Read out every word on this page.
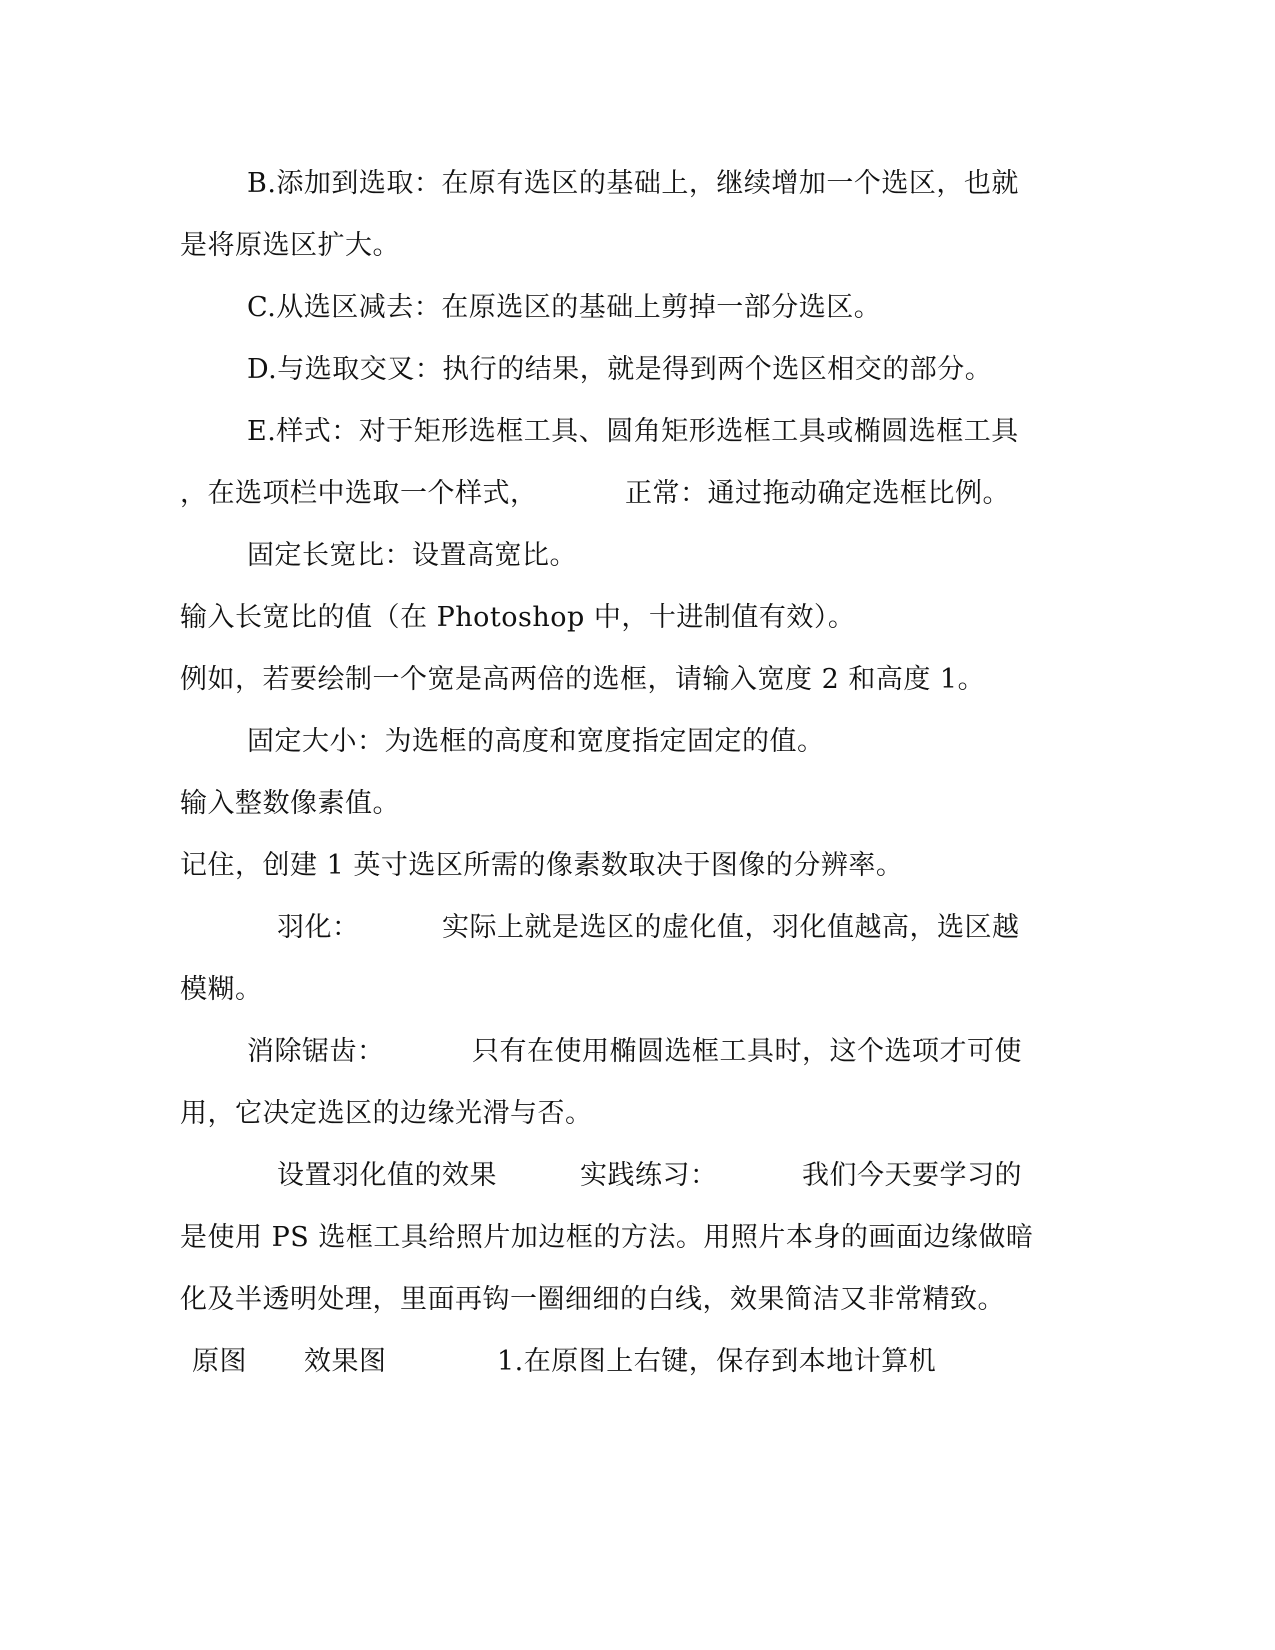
B.添加到选取：在原有选区的基础上，继续增加一个选区，也就
是将原选区扩大。
C.从选区减去：在原选区的基础上剪掉一部分选区。
D.与选取交叉：执行的结果，就是得到两个选区相交的部分。
E.样式：对于矩形选框工具、圆角矩形选框工具或椭圆选框工具
，在选项栏中选取一个样式，	正常：通过拖动确定选框比例。
固定长宽比：设置高宽比。
输入长宽比的值（在 Photoshop 中，十进制值有效）。
例如，若要绘制一个宽是高两倍的选框，请输入宽度 2 和高度 1。
固定大小：为选框的高度和宽度指定固定的值。
输入整数像素值。
记住，创建 1 英寸选区所需的像素数取决于图像的分辨率。
羽化：	实际上就是选区的虚化值，羽化值越高，选区越
模糊。
消除锯齿：	只有在使用椭圆选框工具时，这个选项才可使
用，它决定选区的边缘光滑与否。
设置羽化值的效果	实践练习：	我们今天要学习的
是使用 PS 选框工具给照片加边框的方法。用照片本身的画面边缘做暗
化及半透明处理，里面再钩一圈细细的白线，效果简洁又非常精致。
原图 效果图	1.在原图上右键，保存到本地计算机
